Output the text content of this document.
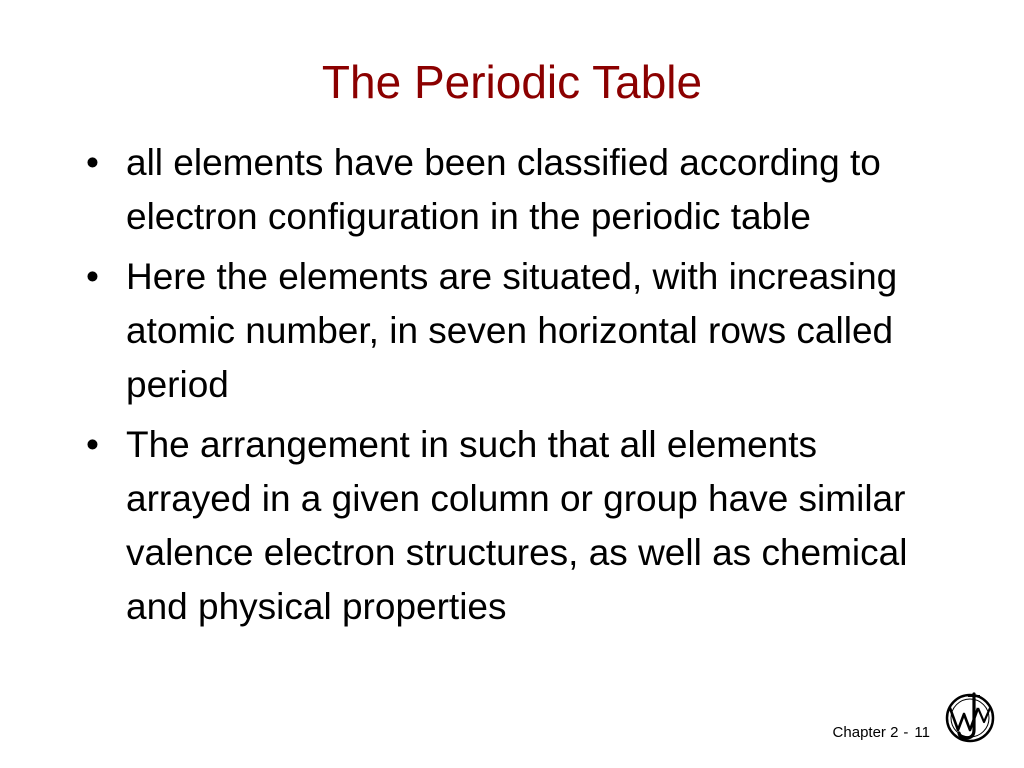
The Periodic Table
• all elements have been classified according to electron configuration in the periodic table
• Here the elements are situated, with increasing atomic number, in seven horizontal rows called period
• The arrangement in such that all elements arrayed in a given column or group have similar valence electron structures, as well as chemical and physical properties
Chapter 2 - 11
